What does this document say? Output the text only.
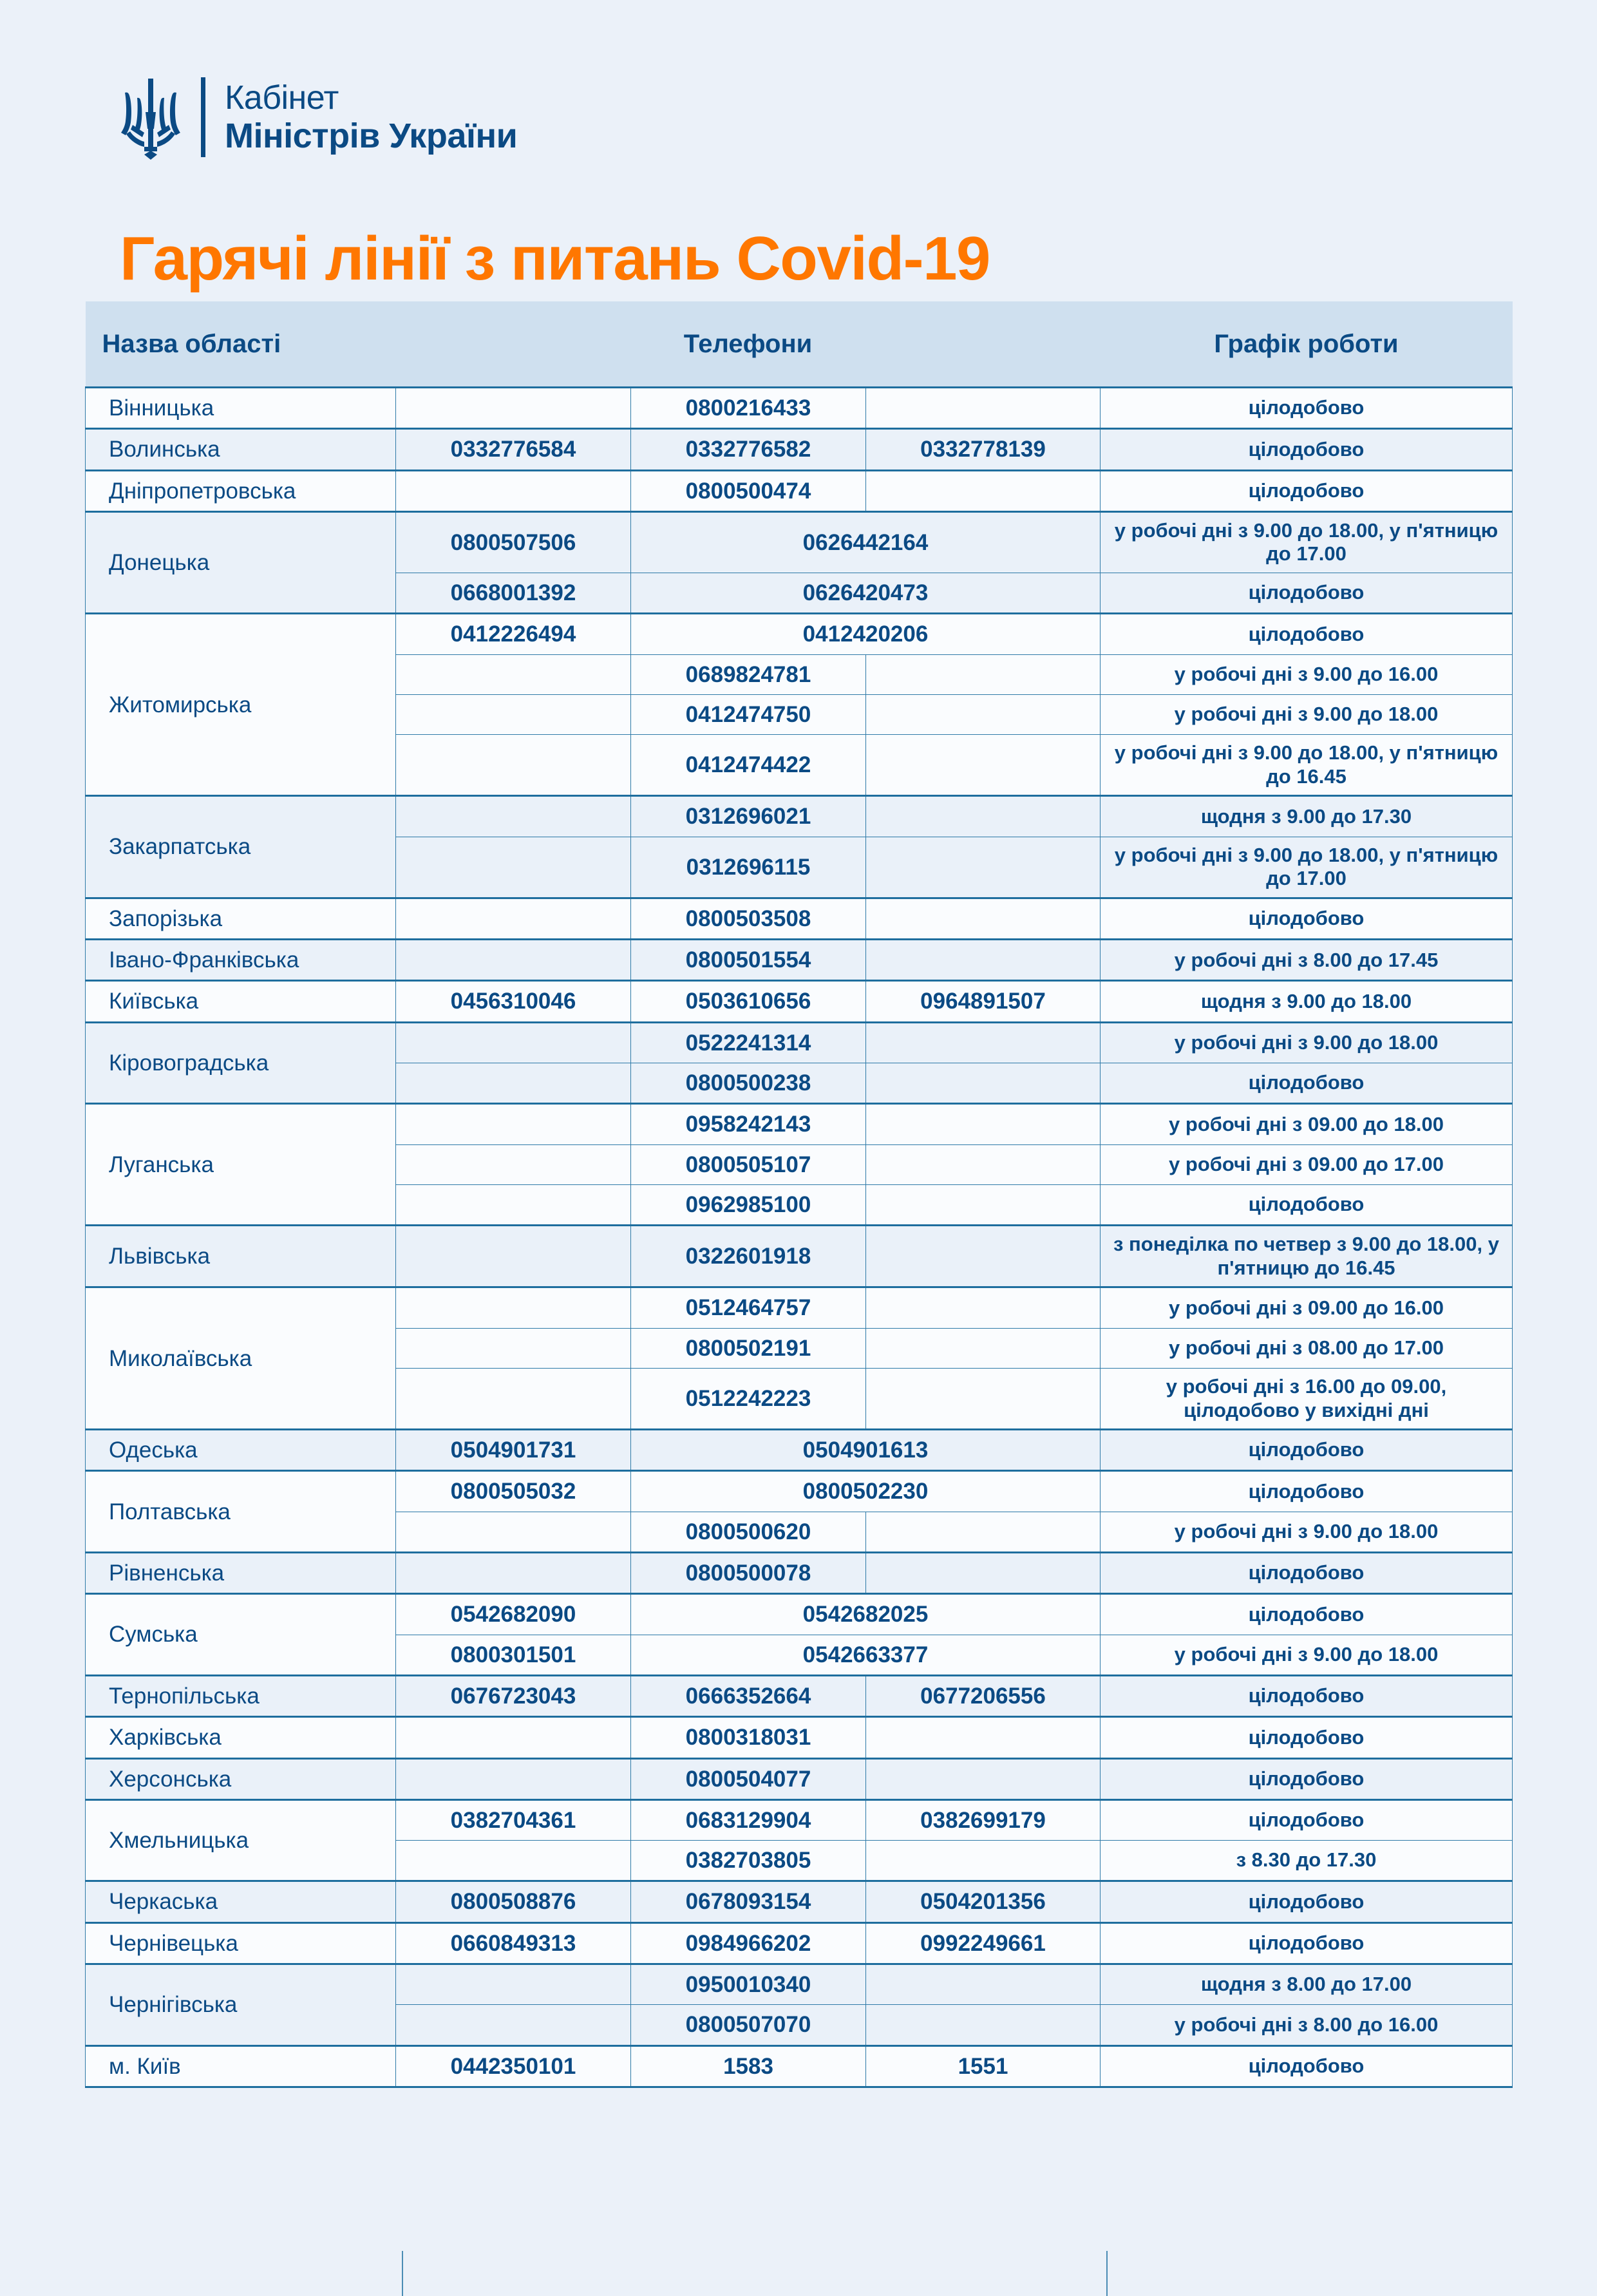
Кабінет
Міністрів України
Гарячі лінії з питань Covid-19
Назва області	Телефони			Графік роботи
Вінницька		0800216433		цілодобово
Волинська	0332776584	0332776582	0332778139	цілодобово
Дніпропетровська		0800500474		цілодобово
Донецька	0800507506	0626442164		у робочі дні з 9.00 до 18.00, у п'ятницю до 17.00
	0668001392	0626420473		цілодобово
Житомирська	0412226494	0412420206		цілодобово
		0689824781		у робочі дні з 9.00 до 16.00
		0412474750		у робочі дні з 9.00 до 18.00
		0412474422		у робочі дні з 9.00 до 18.00, у п'ятницю до 16.45
Закарпатська		0312696021		щодня з 9.00 до 17.30
		0312696115		у робочі дні з 9.00 до 18.00, у п'ятницю до 17.00
Запорізька		0800503508		цілодобово
Івано-Франківська		0800501554		у робочі дні з 8.00 до 17.45
Київська	0456310046	0503610656	0964891507	щодня з 9.00 до 18.00
Кіровоградська		0522241314		у робочі дні з 9.00 до 18.00
		0800500238		цілодобово
Луганська		0958242143		у робочі дні з 09.00 до 18.00
		0800505107		у робочі дні з 09.00 до 17.00
		0962985100		цілодобово
Львівська		0322601918		з понеділка по четвер з 9.00 до 18.00, у п'ятницю до 16.45
Миколаївська		0512464757		у робочі дні з 09.00 до 16.00
		0800502191		у робочі дні з 08.00 до 17.00
		0512242223		у робочі дні з 16.00 до 09.00, цілодобово у вихідні дні
Одеська	0504901731	0504901613		цілодобово
Полтавська	0800505032	0800502230		цілодобово
		0800500620		у робочі дні з 9.00 до 18.00
Рівненська		0800500078		цілодобово
Сумська	0542682090	0542682025		цілодобово
	0800301501	0542663377		у робочі дні з 9.00 до 18.00
Тернопільська	0676723043	0666352664	0677206556	цілодобово
Харківська		0800318031		цілодобово
Херсонська		0800504077		цілодобово
Хмельницька	0382704361	0683129904	0382699179	цілодобово
		0382703805		з 8.30 до 17.30
Черкаська	0800508876	0678093154	0504201356	цілодобово
Чернівецька	0660849313	0984966202	0992249661	цілодобово
Чернігівська		0950010340		щодня з 8.00 до 17.00
		0800507070		у робочі дні з 8.00 до 16.00
м. Київ	0442350101	1583	1551	цілодобово
